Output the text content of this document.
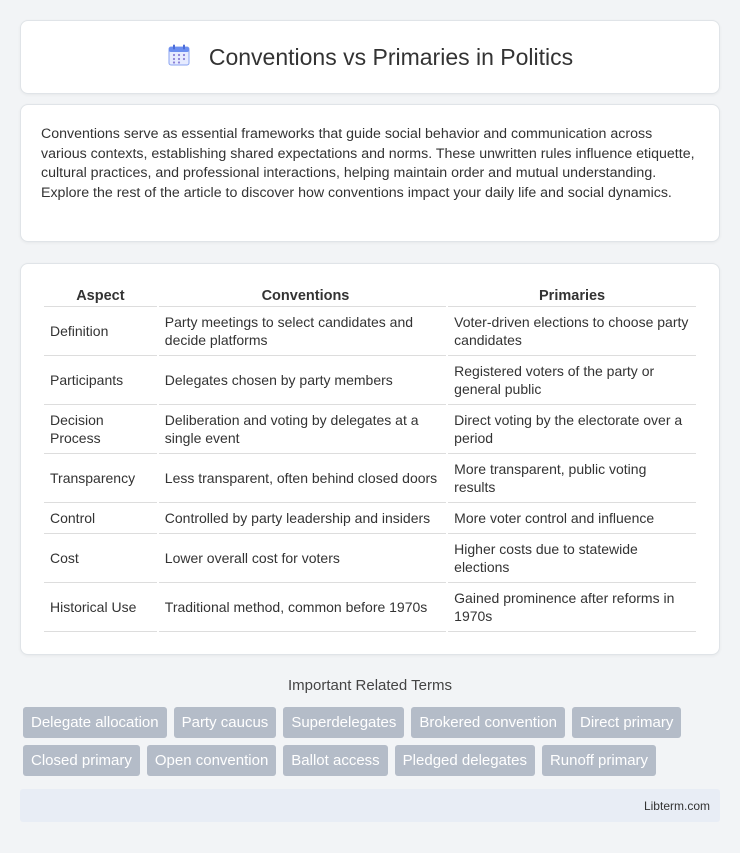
Conventions vs Primaries in Politics

Conventions serve as essential frameworks that guide social behavior and communication across various contexts, establishing shared expectations and norms. These unwritten rules influence etiquette, cultural practices, and professional interactions, helping maintain order and mutual understanding. Explore the rest of the article to discover how conventions impact your daily life and social dynamics.

Aspect	Conventions	Primaries
Definition	Party meetings to select candidates and decide platforms	Voter-driven elections to choose party candidates
Participants	Delegates chosen by party members	Registered voters of the party or general public
Decision Process	Deliberation and voting by delegates at a single event	Direct voting by the electorate over a period
Transparency	Less transparent, often behind closed doors	More transparent, public voting results
Control	Controlled by party leadership and insiders	More voter control and influence
Cost	Lower overall cost for voters	Higher costs due to statewide elections
Historical Use	Traditional method, common before 1970s	Gained prominence after reforms in 1970s
Important Related Terms
Delegate allocation	Party caucus	Superdelegates	Brokered convention	Direct primary
Closed primary	Open convention	Ballot access	Pledged delegates	Runoff primary
Libterm.com
